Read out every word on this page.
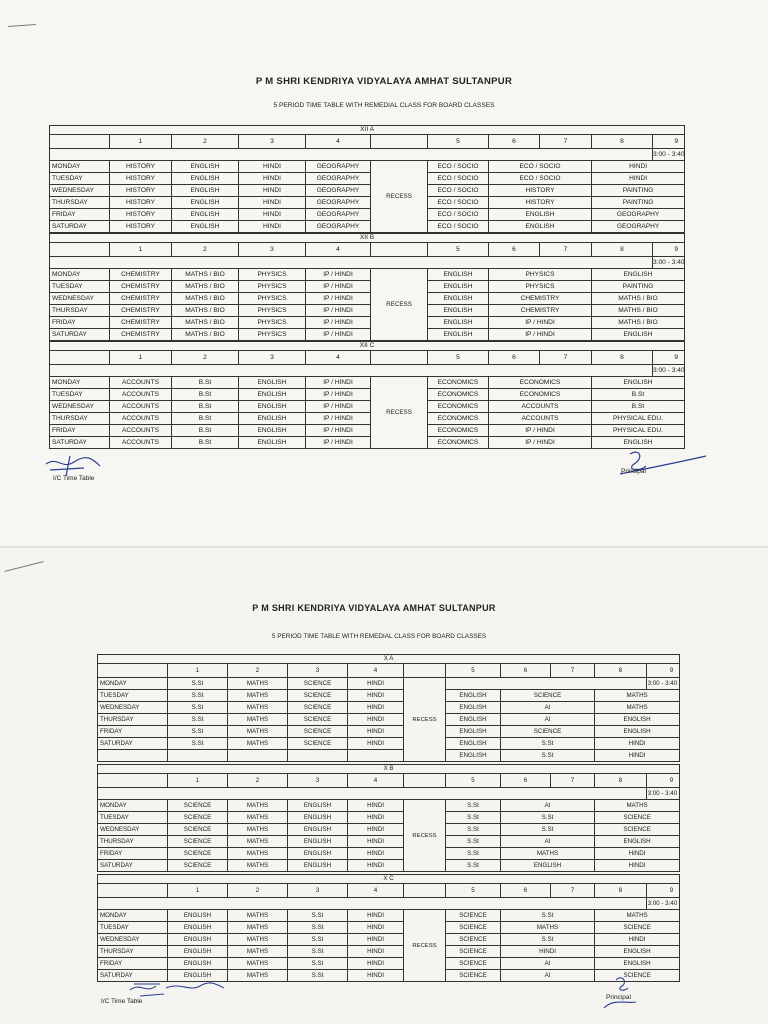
P M SHRI KENDRIYA VIDYALAYA AMHAT SULTANPUR
5 PERIOD TIME TABLE WITH REMEDIAL CLASS FOR BOARD CLASSES
XII A										
	1	2	3	4		5	6	7	8	9

										3:00 - 3:40
MONDAY	HISTORY	ENGLISH	HINDI	GEOGRAPHY	RECESS	ECO / SOCIO	ECO / SOCIO		HINDI	
TUESDAY	HISTORY	ENGLISH	HINDI	GEOGRAPHY		ECO / SOCIO	ECO / SOCIO		HINDI	
WEDNESDAY	HISTORY	ENGLISH	HINDI	GEOGRAPHY		ECO / SOCIO	HISTORY		PAINTING	
THURSDAY	HISTORY	ENGLISH	HINDI	GEOGRAPHY		ECO / SOCIO	HISTORY		PAINTING	
FRIDAY	HISTORY	ENGLISH	HINDI	GEOGRAPHY		ECO / SOCIO	ENGLISH		GEOGRAPHY	
SATURDAY	HISTORY	ENGLISH	HINDI	GEOGRAPHY		ECO / SOCIO	ENGLISH		GEOGRAPHY	
XII B										
	1	2	3	4		5	6	7	8	9

										3:00 - 3:40
MONDAY	CHEMISTRY	MATHS / BIO	PHYSICS	IP / HINDI	RECESS	ENGLISH	PHYSICS		ENGLISH	
TUESDAY	CHEMISTRY	MATHS / BIO	PHYSICS	IP / HINDI		ENGLISH	PHYSICS		PAINTING	
WEDNESDAY	CHEMISTRY	MATHS / BIO	PHYSICS	IP / HINDI		ENGLISH	CHEMISTRY		MATHS / BIO	
THURSDAY	CHEMISTRY	MATHS / BIO	PHYSICS	IP / HINDI		ENGLISH	CHEMISTRY		MATHS / BIO	
FRIDAY	CHEMISTRY	MATHS / BIO	PHYSICS	IP / HINDI		ENGLISH	IP / HINDI		MATHS / BIO	
SATURDAY	CHEMISTRY	MATHS / BIO	PHYSICS	IP / HINDI		ENGLISH	IP / HINDI		ENGLISH	
XII C										
	1	2	3	4		5	6	7	8	9

										3:00 - 3:40
MONDAY	ACCOUNTS	B.St	ENGLISH	IP / HINDI	RECESS	ECONOMICS	ECONOMICS		ENGLISH	
TUESDAY	ACCOUNTS	B.St	ENGLISH	IP / HINDI		ECONOMICS	ECONOMICS		B.St	
WEDNESDAY	ACCOUNTS	B.St	ENGLISH	IP / HINDI		ECONOMICS	ACCOUNTS		B.St	
THURSDAY	ACCOUNTS	B.St	ENGLISH	IP / HINDI		ECONOMICS	ACCOUNTS		PHYSICAL EDU.	
FRIDAY	ACCOUNTS	B.St	ENGLISH	IP / HINDI		ECONOMICS	IP / HINDI		PHYSICAL EDU.	
SATURDAY	ACCOUNTS	B.St	ENGLISH	IP / HINDI		ECONOMICS	IP / HINDI		ENGLISH	
I/C Time Table
Principal
P M SHRI KENDRIYA VIDYALAYA AMHAT SULTANPUR
5 PERIOD TIME TABLE WITH REMEDIAL CLASS FOR BOARD CLASSES
X A										
	1	2	3	4		5	6	7	8	9

MONDAY	S.St	MATHS	SCIENCE	HINDI	RECESS					3:00 - 3:40
TUESDAY	S.St	MATHS	SCIENCE	HINDI		ENGLISH	SCIENCE		MATHS	
WEDNESDAY	S.St	MATHS	SCIENCE	HINDI		ENGLISH	AI		MATHS	
THURSDAY	S.St	MATHS	SCIENCE	HINDI		ENGLISH	AI		ENGLISH	
FRIDAY	S.St	MATHS	SCIENCE	HINDI		ENGLISH	SCIENCE		ENGLISH	
SATURDAY	S.St	MATHS	SCIENCE	HINDI		ENGLISH	S.St		HINDI	
						ENGLISH	S.St		HINDI	
X B										
	1	2	3	4		5	6	7	8	9

										3:00 - 3:40
MONDAY	SCIENCE	MATHS	ENGLISH	HINDI	RECESS	S.St	AI		MATHS	
TUESDAY	SCIENCE	MATHS	ENGLISH	HINDI		S.St	S.St		SCIENCE	
WEDNESDAY	SCIENCE	MATHS	ENGLISH	HINDI		S.St	S.St		SCIENCE	
THURSDAY	SCIENCE	MATHS	ENGLISH	HINDI		S.St	AI		ENGLISH	
FRIDAY	SCIENCE	MATHS	ENGLISH	HINDI		S.St	MATHS		HINDI	
SATURDAY	SCIENCE	MATHS	ENGLISH	HINDI		S.St	ENGLISH		HINDI	
X C										
	1	2	3	4		5	6	7	8	9

										3:00 - 3:40
MONDAY	ENGLISH	MATHS	S.St	HINDI	RECESS	SCIENCE	S.St		MATHS	
TUESDAY	ENGLISH	MATHS	S.St	HINDI		SCIENCE	MATHS		SCIENCE	
WEDNESDAY	ENGLISH	MATHS	S.St	HINDI		SCIENCE	S.St		HINDI	
THURSDAY	ENGLISH	MATHS	S.St	HINDI		SCIENCE	HINDI		ENGLISH	
FRIDAY	ENGLISH	MATHS	S.St	HINDI		SCIENCE	AI		ENGLISH	
SATURDAY	ENGLISH	MATHS	S.St	HINDI		SCIENCE	AI		SCIENCE	
I/C Time Table
Principal
